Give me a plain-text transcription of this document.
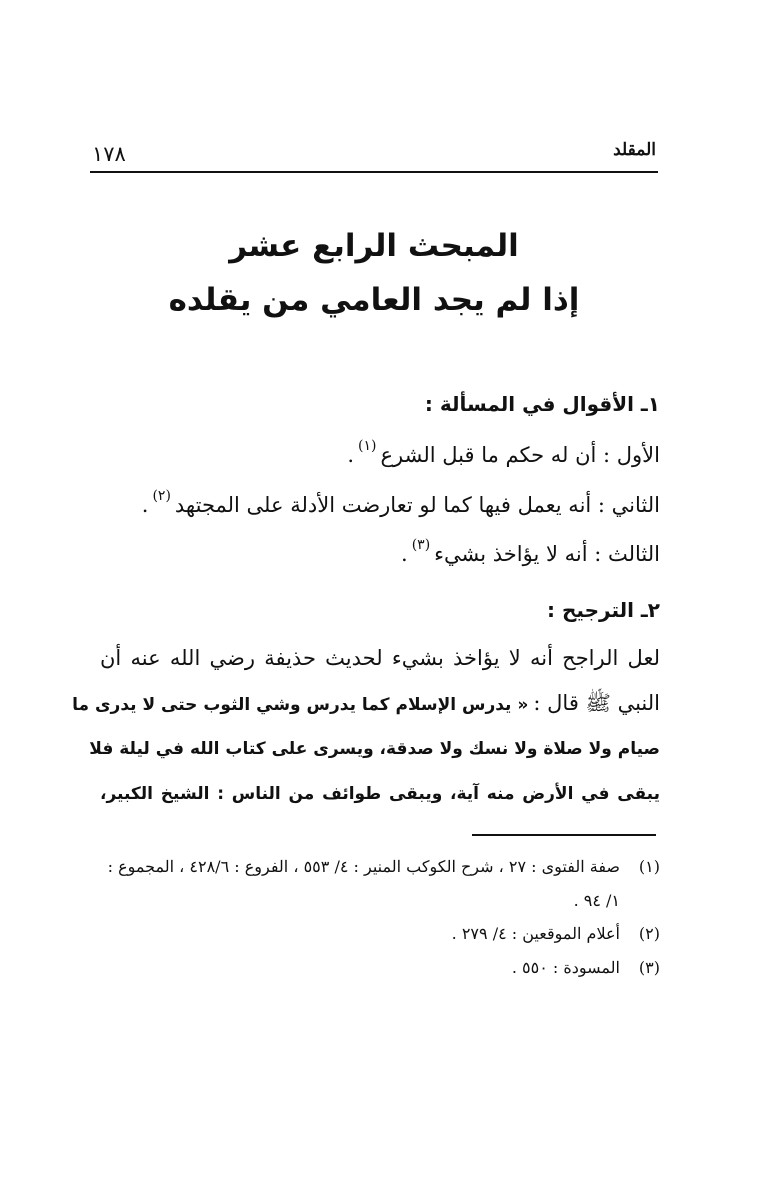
المقلد
١٧٨
المبحث الرابع عشر
إذا لم يجد العامي من يقلده
١ـ الأقوال في المسألة :
الأول : أن له حكم ما قبل الشرع$^{(١)}$.
الثاني : أنه يعمل فيها كما لو تعارضت الأدلة على المجتهد$^{(٢)}$.
الثالث : أنه لا يؤاخذ بشيء$^{(٣)}$.
٢ـ الترجيح :
لعل الراجح أنه لا يؤاخذ بشيء لحديث حذيفة رضي الله عنه أن
النبي ﷺ قال : « يدرس الإسلام كما يدرس وشي الثوب حتى لا يدرى ما
صيام ولا صلاة ولا نسك ولا صدقة، ويسرى على كتاب الله في ليلة فلا
يبقى في الأرض منه آية، ويبقى طوائف من الناس : الشيخ الكبير،
(١)صفة الفتوى : ٢٧ ، شرح الكوكب المنير : ٤/ ٥٥٣ ، الفروع : ٤٢٨/٦ ، المجموع :
١/ ٩٤ .
(٢)أعلام الموقعين : ٤/ ٢٧٩ .
(٣)المسودة : ٥٥٠ .
